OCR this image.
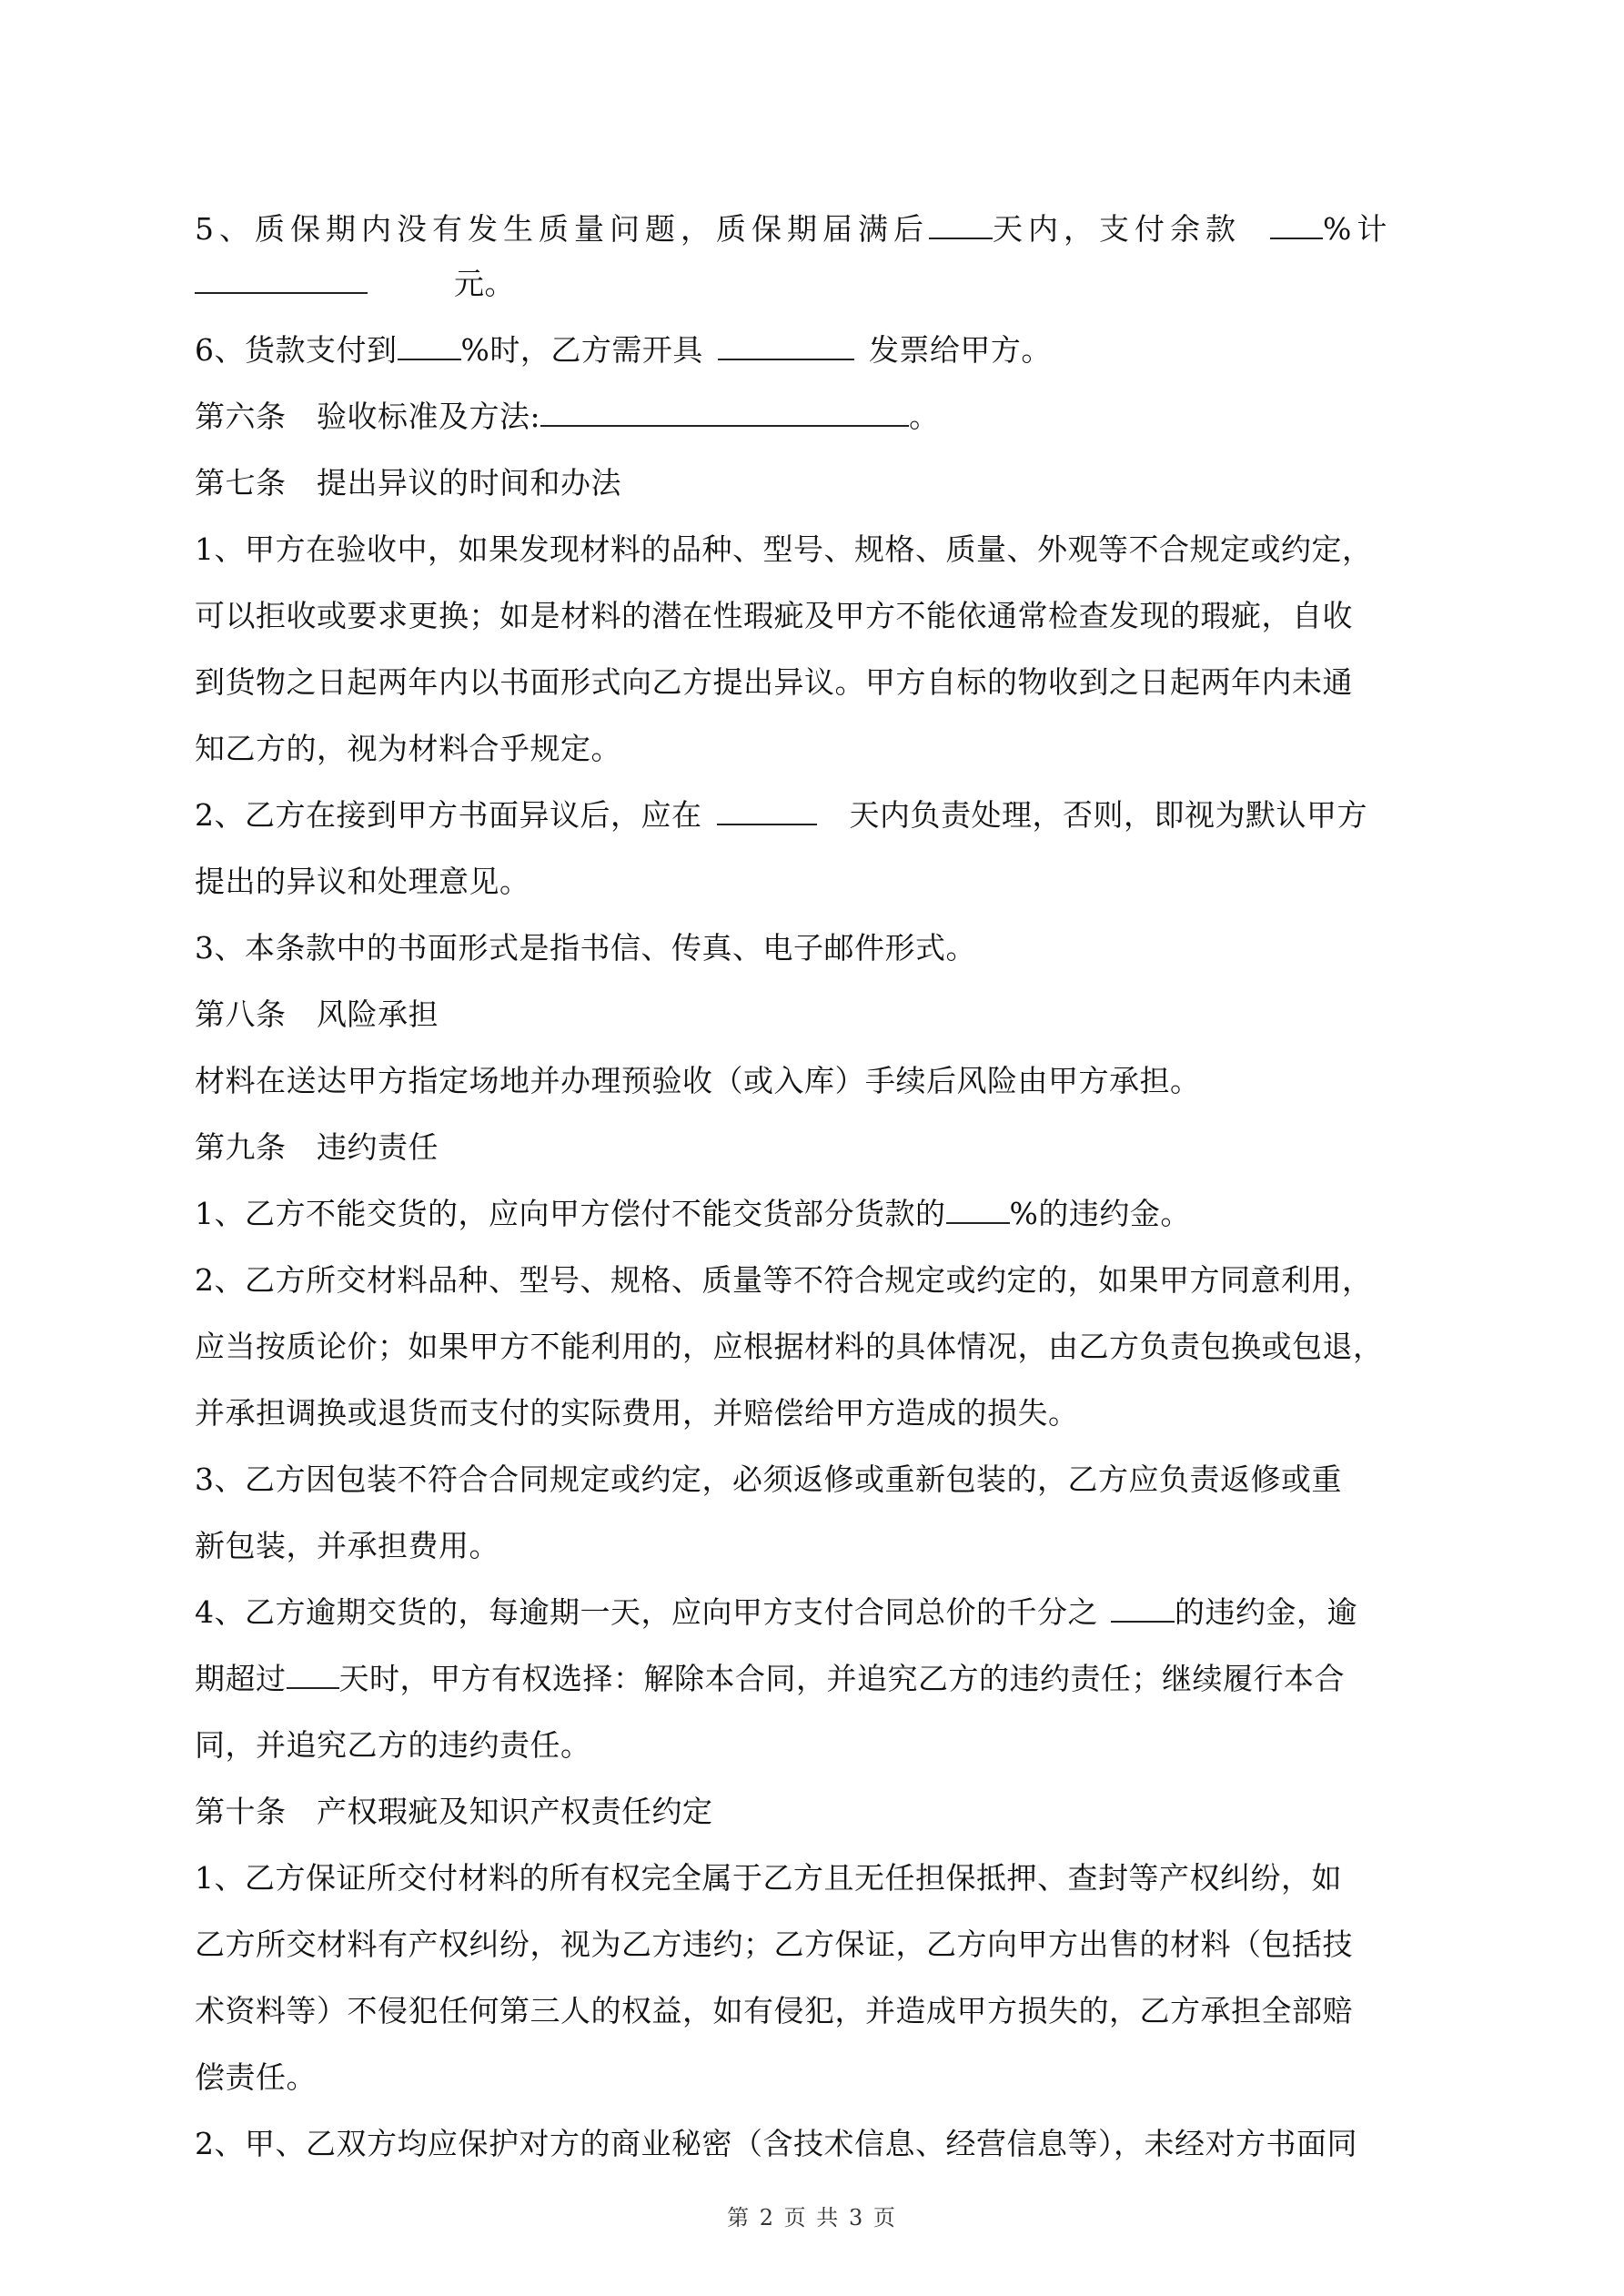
5、质保期内没有发生质量问题，质保期届满后 天内，支付余款	%计
元。
6、货款支付到 %时，乙方需开具	发票给甲方。
第六条　验收标准及方法:	。
第七条　提出异议的时间和办法
1、甲方在验收中，如果发现材料的品种、型号、规格、质量、外观等不合规定或约定，
可以拒收或要求更换；如是材料的潜在性瑕疵及甲方不能依通常检查发现的瑕疵，自收
到货物之日起两年内以书面形式向乙方提出异议。甲方自标的物收到之日起两年内未通
知乙方的，视为材料合乎规定。
2、乙方在接到甲方书面异议后，应在	天内负责处理，否则，即视为默认甲方
提出的异议和处理意见。
3、本条款中的书面形式是指书信、传真、电子邮件形式。
第八条　风险承担
材料在送达甲方指定场地并办理预验收（或入库）手续后风险由甲方承担。
第九条　违约责任
1、乙方不能交货的，应向甲方偿付不能交货部分货款的 %的违约金。
2、乙方所交材料品种、型号、规格、质量等不符合规定或约定的，如果甲方同意利用，
应当按质论价；如果甲方不能利用的，应根据材料的具体情况，由乙方负责包换或包退，
并承担调换或退货而支付的实际费用，并赔偿给甲方造成的损失。
3、乙方因包装不符合合同规定或约定，必须返修或重新包装的，乙方应负责返修或重
新包装，并承担费用。
4、乙方逾期交货的，每逾期一天，应向甲方支付合同总价的千分之	的违约金，逾
期超过 天时，甲方有权选择：解除本合同，并追究乙方的违约责任；继续履行本合
同，并追究乙方的违约责任。
第十条　产权瑕疵及知识产权责任约定
1、乙方保证所交付材料的所有权完全属于乙方且无任担保抵押、查封等产权纠纷，如
乙方所交材料有产权纠纷，视为乙方违约；乙方保证，乙方向甲方出售的材料（包括技
术资料等）不侵犯任何第三人的权益，如有侵犯，并造成甲方损失的，乙方承担全部赔
偿责任。
2、甲、乙双方均应保护对方的商业秘密（含技术信息、经营信息等），未经对方书面同
第 2 页 共 3 页
